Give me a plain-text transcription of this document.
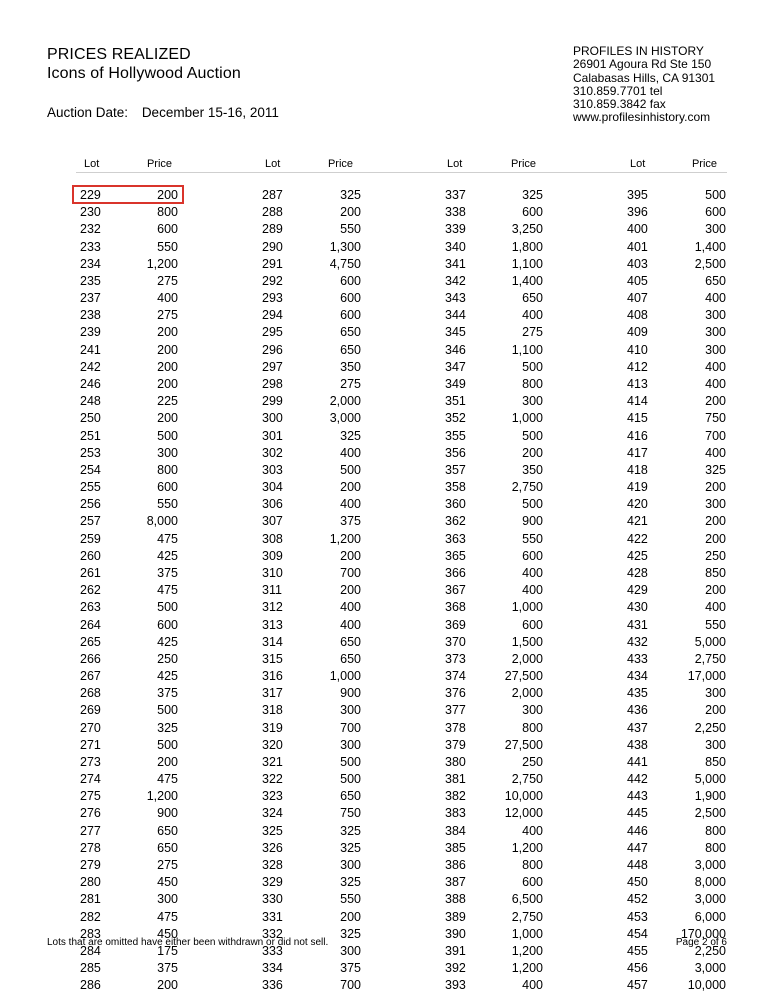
PRICES REALIZED
Icons of Hollywood Auction
Auction Date: December 15-16, 2011
PROFILES IN HISTORY
26901 Agoura Rd Ste 150
Calabasas Hills, CA 91301
310.859.7701 tel
310.859.3842 fax
www.profilesinhistory.com
Lot	Price	Lot	Price	Lot	Price	Lot	Price
229	200	287	325	337	325	395	500
230	800	288	200	338	600	396	600
232	600	289	550	339	3,250	400	300
233	550	290	1,300	340	1,800	401	1,400
234	1,200	291	4,750	341	1,100	403	2,500
235	275	292	600	342	1,400	405	650
237	400	293	600	343	650	407	400
238	275	294	600	344	400	408	300
239	200	295	650	345	275	409	300
241	200	296	650	346	1,100	410	300
242	200	297	350	347	500	412	400
246	200	298	275	349	800	413	400
248	225	299	2,000	351	300	414	200
250	200	300	3,000	352	1,000	415	750
251	500	301	325	355	500	416	700
253	300	302	400	356	200	417	400
254	800	303	500	357	350	418	325
255	600	304	200	358	2,750	419	200
256	550	306	400	360	500	420	300
257	8,000	307	375	362	900	421	200
259	475	308	1,200	363	550	422	200
260	425	309	200	365	600	425	250
261	375	310	700	366	400	428	850
262	475	311	200	367	400	429	200
263	500	312	400	368	1,000	430	400
264	600	313	400	369	600	431	550
265	425	314	650	370	1,500	432	5,000
266	250	315	650	373	2,000	433	2,750
267	425	316	1,000	374	27,500	434	17,000
268	375	317	900	376	2,000	435	300
269	500	318	300	377	300	436	200
270	325	319	700	378	800	437	2,250
271	500	320	300	379	27,500	438	300
273	200	321	500	380	250	441	850
274	475	322	500	381	2,750	442	5,000
275	1,200	323	650	382	10,000	443	1,900
276	900	324	750	383	12,000	445	2,500
277	650	325	325	384	400	446	800
278	650	326	325	385	1,200	447	800
279	275	328	300	386	800	448	3,000
280	450	329	325	387	600	450	8,000
281	300	330	550	388	6,500	452	3,000
282	475	331	200	389	2,750	453	6,000
283	450	332	325	390	1,000	454	170,000
284	175	333	300	391	1,200	455	2,250
285	375	334	375	392	1,200	456	3,000
286	200	336	700	393	400	457	10,000
Lots that are omitted have either been withdrawn or did not sell.	Page 2 of 6
